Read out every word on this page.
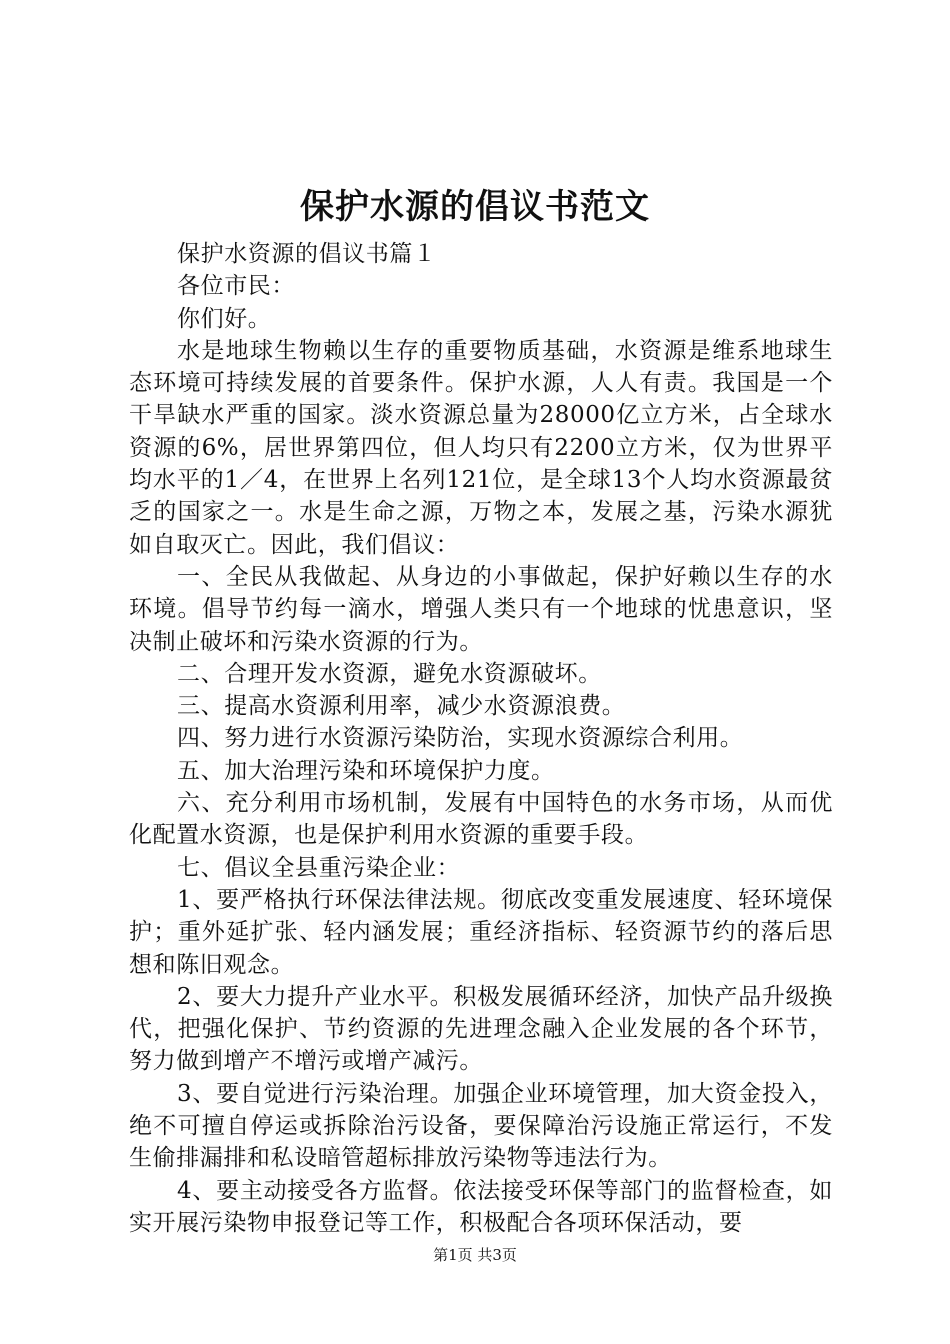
保护水源的倡议书范文

保护水资源的倡议书篇１

各位市民：

你们好。

水是地球生物赖以生存的重要物质基础，水资源是维系地球生态环境可持续发展的首要条件。保护水源，人人有责。我国是一个干旱缺水严重的国家。淡水资源总量为28000亿立方米，占全球水资源的6%，居世界第四位，但人均只有2200立方米，仅为世界平均水平的1／4，在世界上名列121位，是全球13个人均水资源最贫乏的国家之一。水是生命之源，万物之本，发展之基，污染水源犹如自取灭亡。因此，我们倡议：

一、全民从我做起、从身边的小事做起，保护好赖以生存的水环境。倡导节约每一滴水，增强人类只有一个地球的忧患意识，坚决制止破坏和污染水资源的行为。

二、合理开发水资源，避免水资源破坏。

三、提高水资源利用率，减少水资源浪费。

四、努力进行水资源污染防治，实现水资源综合利用。

五、加大治理污染和环境保护力度。

六、充分利用市场机制，发展有中国特色的水务市场，从而优化配置水资源，也是保护利用水资源的重要手段。

七、倡议全县重污染企业：

1、要严格执行环保法律法规。彻底改变重发展速度、轻环境保护；重外延扩张、轻内涵发展；重经济指标、轻资源节约的落后思想和陈旧观念。

2、要大力提升产业水平。积极发展循环经济，加快产品升级换代，把强化保护、节约资源的先进理念融入企业发展的各个环节，努力做到增产不增污或增产减污。

3、要自觉进行污染治理。加强企业环境管理，加大资金投入，绝不可擅自停运或拆除治污设备，要保障治污设施正常运行，不发生偷排漏排和私设暗管超标排放污染物等违法行为。

4、要主动接受各方监督。依法接受环保等部门的监督检查，如实开展污染物申报登记等工作，积极配合各项环保活动，要

第1页 共3页
